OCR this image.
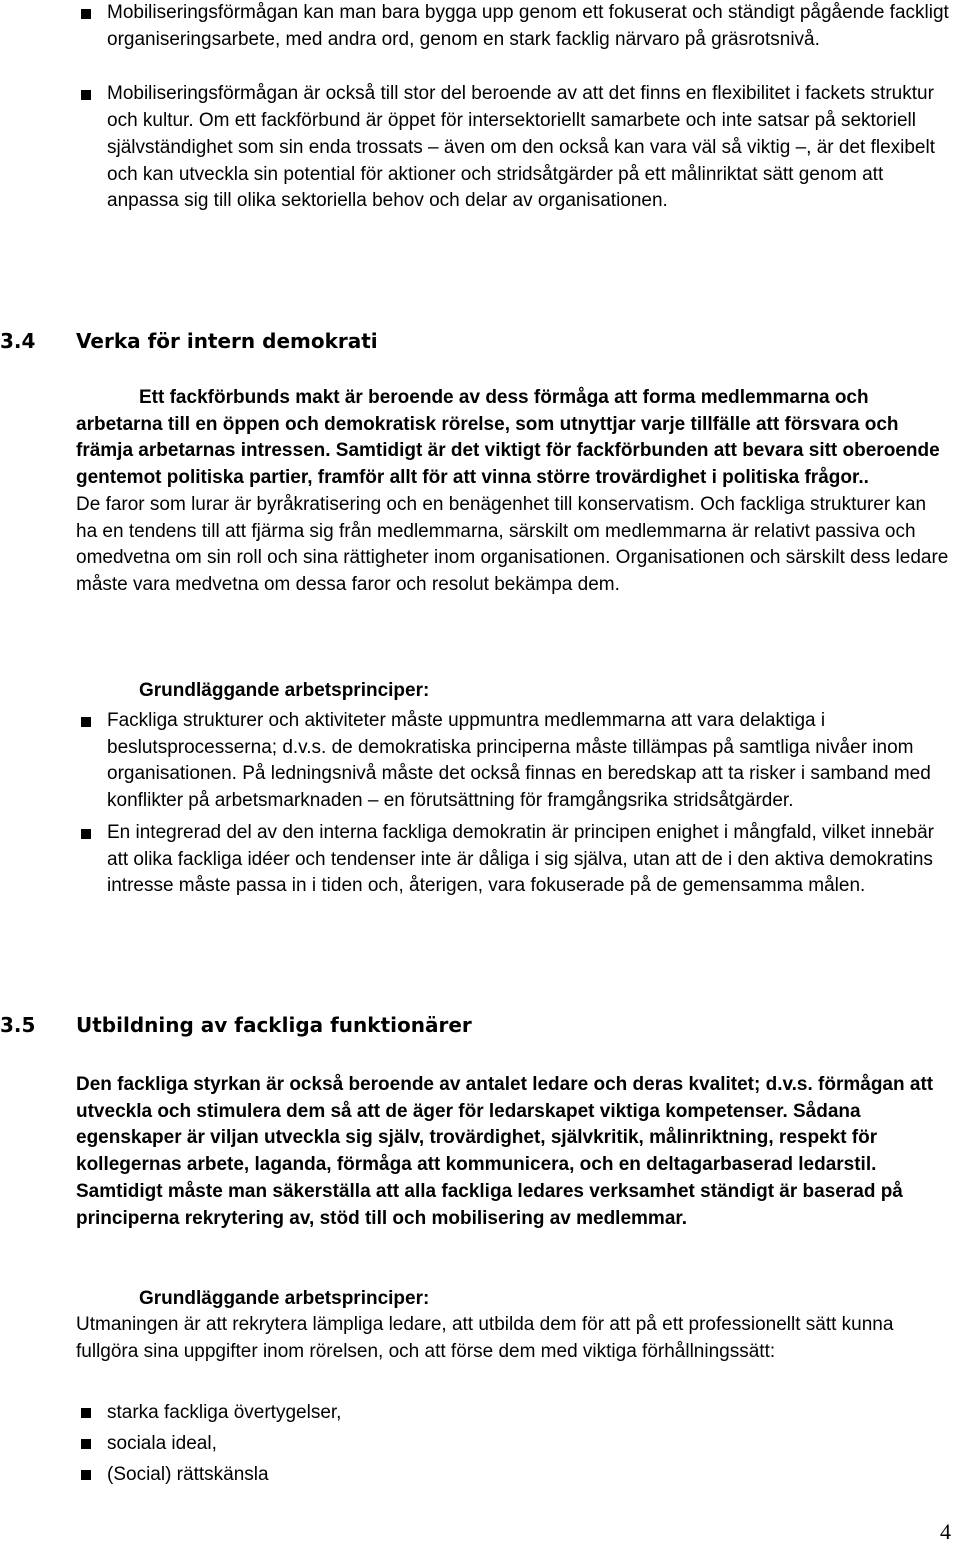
Mobiliseringsförmågan kan man bara bygga upp genom ett fokuserat och ständigt pågående fackligt organiseringsarbete, med andra ord, genom en stark facklig närvaro på gräsrotsnivå.
Mobiliseringsförmågan är också till stor del beroende av att det finns en flexibilitet i fackets struktur och kultur. Om ett fackförbund är öppet för intersektoriellt samarbete och inte satsar på sektoriell självständighet som sin enda trossats – även om den också kan vara väl så viktig –, är det flexibelt och kan utveckla sin potential för aktioner och stridsåtgärder på ett målinriktat sätt genom att anpassa sig till olika sektoriella behov och delar av organisationen.
3.4 Verka för intern demokrati

Ett fackförbunds makt är beroende av dess förmåga att forma medlemmarna och arbetarna till en öppen och demokratisk rörelse, som utnyttjar varje tillfälle att försvara och främja arbetarnas intressen. Samtidigt är det viktigt för fackförbunden att bevara sitt oberoende gentemot politiska partier, framför allt för att vinna större trovärdighet i politiska frågor..
De faror som lurar är byråkratisering och en benägenhet till konservatism. Och fackliga strukturer kan ha en tendens till att fjärma sig från medlemmarna, särskilt om medlemmarna är relativt passiva och omedvetna om sin roll och sina rättigheter inom organisationen. Organisationen och särskilt dess ledare måste vara medvetna om dessa faror och resolut bekämpa dem.

Grundläggande arbetsprinciper:

Fackliga strukturer och aktiviteter måste uppmuntra medlemmarna att vara delaktiga i beslutsprocesserna; d.v.s. de demokratiska principerna måste tillämpas på samtliga nivåer inom organisationen. På ledningsnivå måste det också finnas en beredskap att ta risker i samband med konflikter på arbetsmarknaden – en förutsättning för framgångsrika stridsåtgärder.
En integrerad del av den interna fackliga demokratin är principen enighet i mångfald, vilket innebär att olika fackliga idéer och tendenser inte är dåliga i sig själva, utan att de i den aktiva demokratins intresse måste passa in i tiden och, återigen, vara fokuserade på de gemensamma målen.
3.5 Utbildning av fackliga funktionärer

Den fackliga styrkan är också beroende av antalet ledare och deras kvalitet; d.v.s. förmågan att utveckla och stimulera dem så att de äger för ledarskapet viktiga kompetenser. Sådana egenskaper är viljan utveckla sig själv, trovärdighet, självkritik, målinriktning, respekt för kollegernas arbete, laganda, förmåga att kommunicera, och en deltagarbaserad ledarstil. Samtidigt måste man säkerställa att alla fackliga ledares verksamhet ständigt är baserad på principerna rekrytering av, stöd till och mobilisering av medlemmar.

Grundläggande arbetsprinciper:

Utmaningen är att rekrytera lämpliga ledare, att utbilda dem för att på ett professionellt sätt kunna fullgöra sina uppgifter inom rörelsen, och att förse dem med viktiga förhållningssätt:

starka fackliga övertygelser,
sociala ideal,
(Social) rättskänsla
4
